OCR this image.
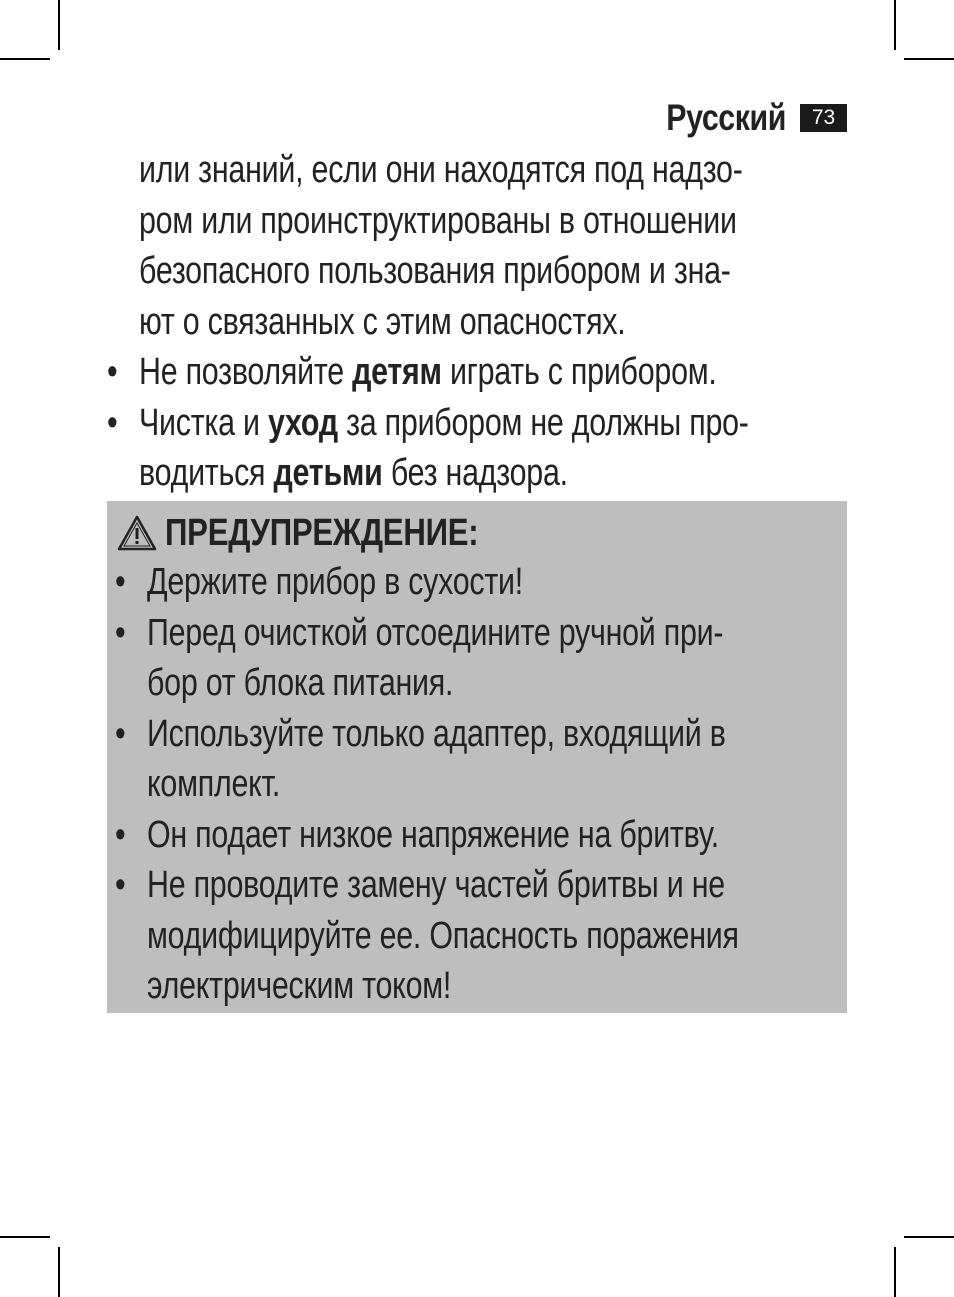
Русский	73
или знаний, если они находятся под надзо-
ром или проинструктированы в отношении
безопасного пользования прибором и зна-
ют о связанных с этим опасностях.
• Не позволяйте детям играть с прибором.
• Чистка и уход за прибором не должны про-
водиться детьми без надзора.
ПРЕДУПРЕЖДЕНИЕ:
• Держите прибор в сухости!
• Перед очисткой отсоедините ручной при-
бор от блока питания.
• Используйте только адаптер, входящий в
комплект.
• Он подает низкое напряжение на бритву.
• Не проводите замену частей бритвы и не
модифицируйте ее. Опасность поражения
электрическим током!
